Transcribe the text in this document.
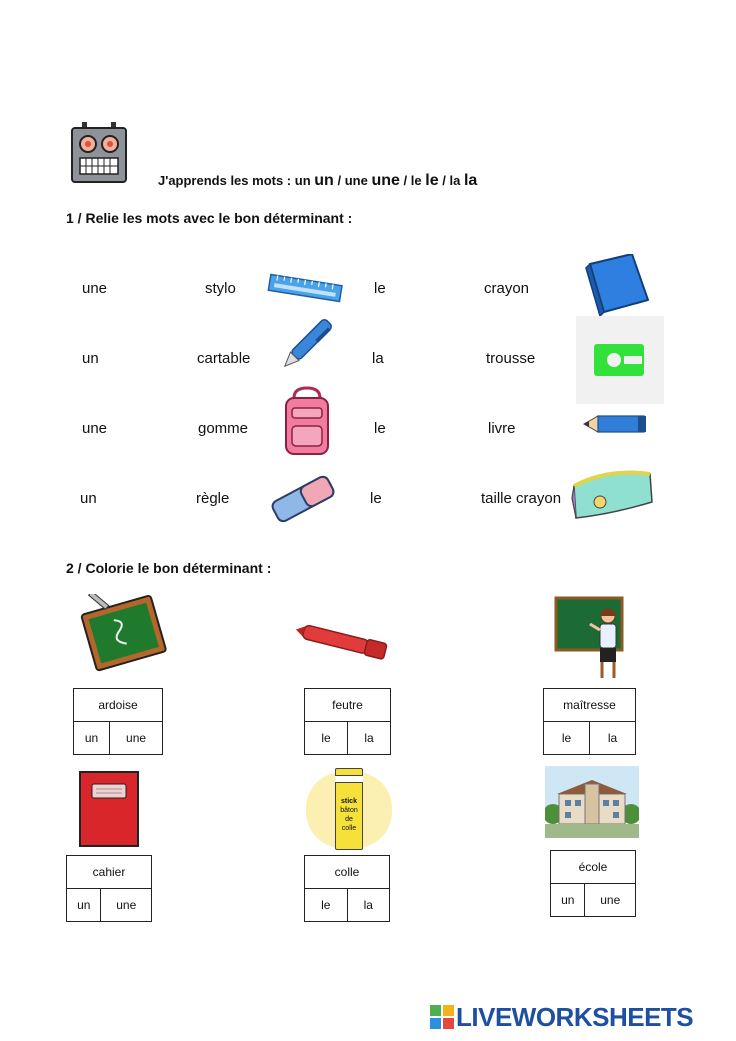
J'apprends les mots : un un / une une / le le / la la
1 / Relie les mots avec le bon déterminant :
une
un
une
un
stylo
cartable
gomme
règle
le
la
le
le
crayon
trousse
livre
taille crayon
2 / Colorie le bon déterminant :
stick
bâton
de
colle
ardoise
un	une
feutre
le	la
maîtresse
le	la
cahier
un	une
colle
le	la
école
un	une
LIVEWORKSHEETS
